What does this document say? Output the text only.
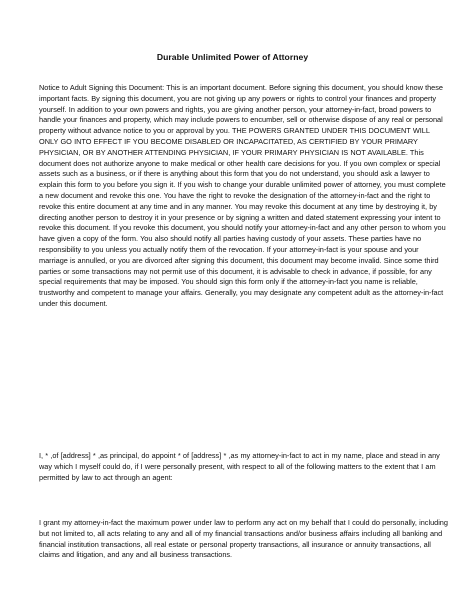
Durable Unlimited Power of Attorney

Notice to Adult Signing this Document: This is an important document. Before signing this document, you should know these important facts. By signing this document, you are not giving up any powers or rights to control your finances and property yourself. In addition to your own powers and rights, you are giving another person, your attorney-in-fact, broad powers to handle your finances and property, which may include powers to encumber, sell or otherwise dispose of any real or personal property without advance notice to you or approval by you. THE POWERS GRANTED UNDER THIS DOCUMENT WILL ONLY GO INTO EFFECT IF YOU BECOME DISABLED OR INCAPACITATED, AS CERTIFIED BY YOUR PRIMARY PHYSICIAN, OR BY ANOTHER ATTENDING PHYSICIAN, IF YOUR PRIMARY PHYSICIAN IS NOT AVAILABLE. This document does not authorize anyone to make medical or other health care decisions for you. If you own complex or special assets such as a business, or if there is anything about this form that you do not understand, you should ask a lawyer to explain this form to you before you sign it. If you wish to change your durable unlimited power of attorney, you must complete a new document and revoke this one. You have the right to revoke the designation of the attorney-in-fact and the right to revoke this entire document at any time and in any manner. You may revoke this document at any time by destroying it, by directing another person to destroy it in your presence or by signing a written and dated statement expressing your intent to revoke this document. If you revoke this document, you should notify your attorney-in-fact and any other person to whom you have given a copy of the form. You also should notify all parties having custody of your assets. These parties have no responsibility to you unless you actually notify them of the revocation. If your attorney-in-fact is your spouse and your marriage is annulled, or you are divorced after signing this document, this document may become invalid. Since some third parties or some transactions may not permit use of this document, it is advisable to check in advance, if possible, for any special requirements that may be imposed. You should sign this form only if the attorney-in-fact you name is reliable, trustworthy and competent to manage your affairs. Generally, you may designate any competent adult as the attorney-in-fact under this document.

I, * ,of [address] * ,as principal, do appoint * of [address] * ,as my attorney-in-fact to act in my name, place and stead in any way which I myself could do, if I were personally present, with respect to all of the following matters to the extent that I am permitted by law to act through an agent:

I grant my attorney-in-fact the maximum power under law to perform any act on my behalf that I could do personally, including but not limited to, all acts relating to any and all of my financial transactions and/or business affairs including all banking and financial institution transactions, all real estate or personal property transactions, all insurance or annuity transactions, all claims and litigation, and any and all business transactions.
